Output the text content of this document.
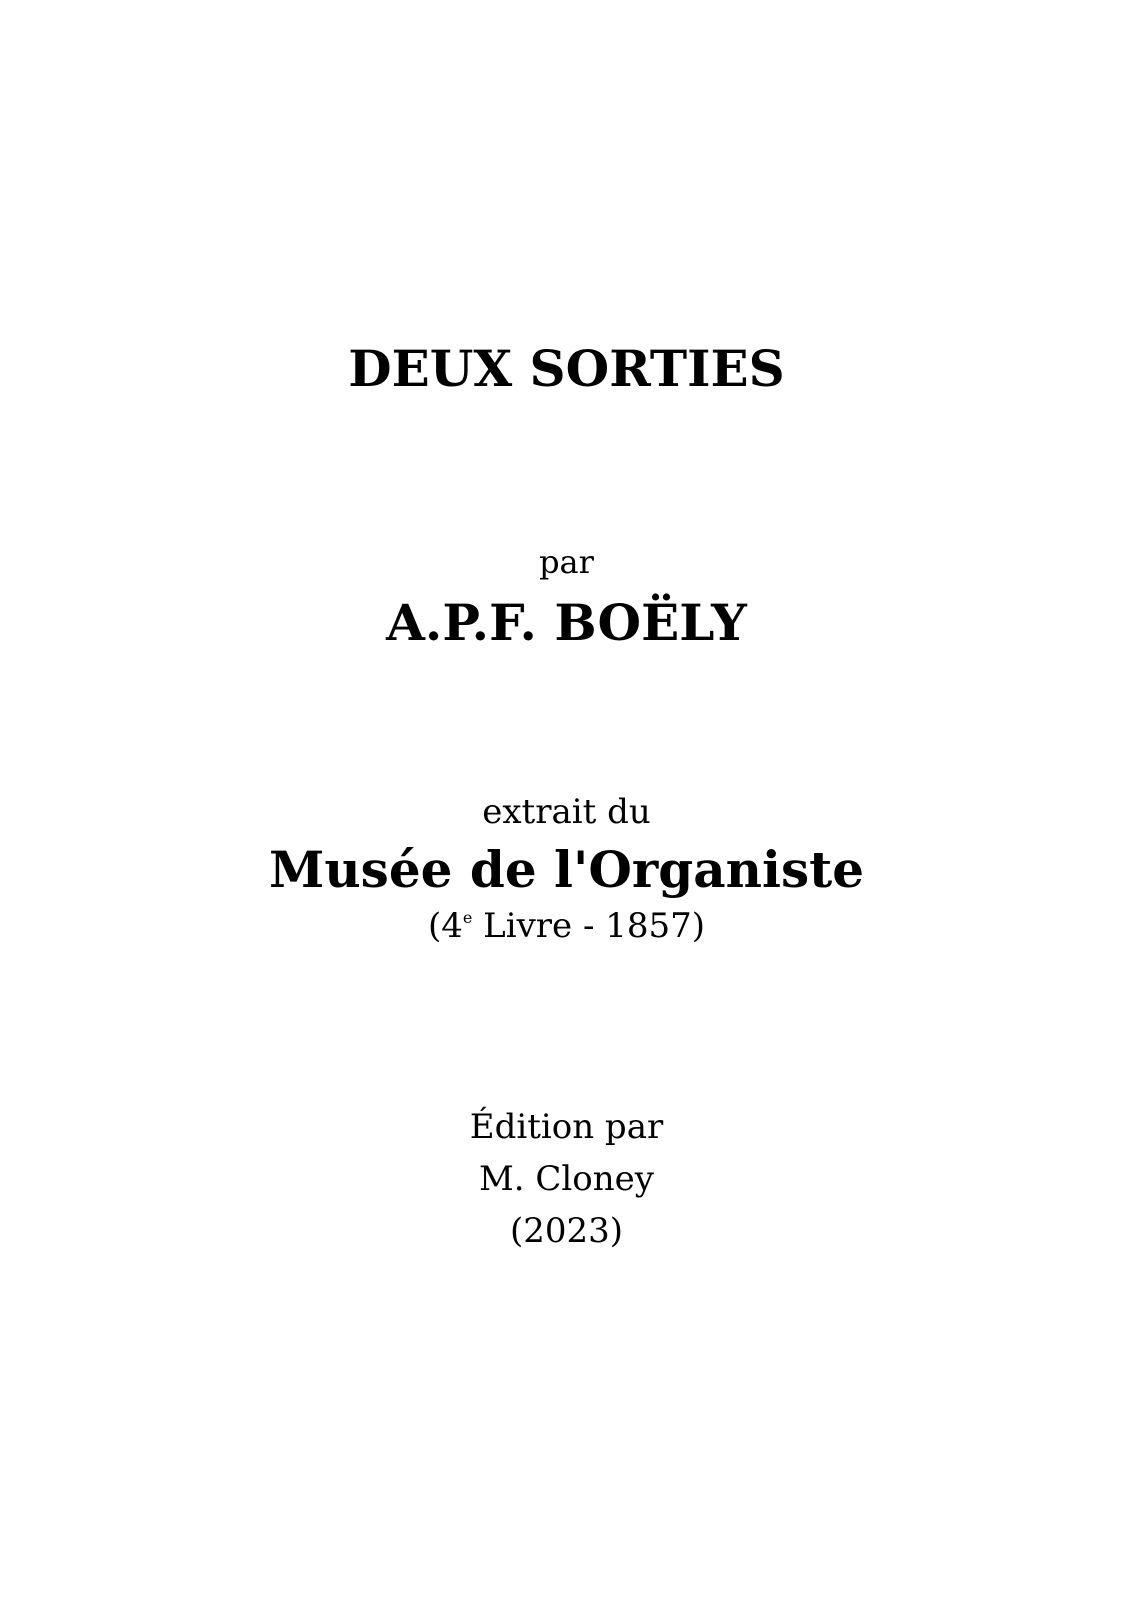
DEUX SORTIES
par
A.P.F. BOËLY
extrait du
Musée de l'Organiste
(4e Livre - 1857)
Édition par
M. Cloney
(2023)
